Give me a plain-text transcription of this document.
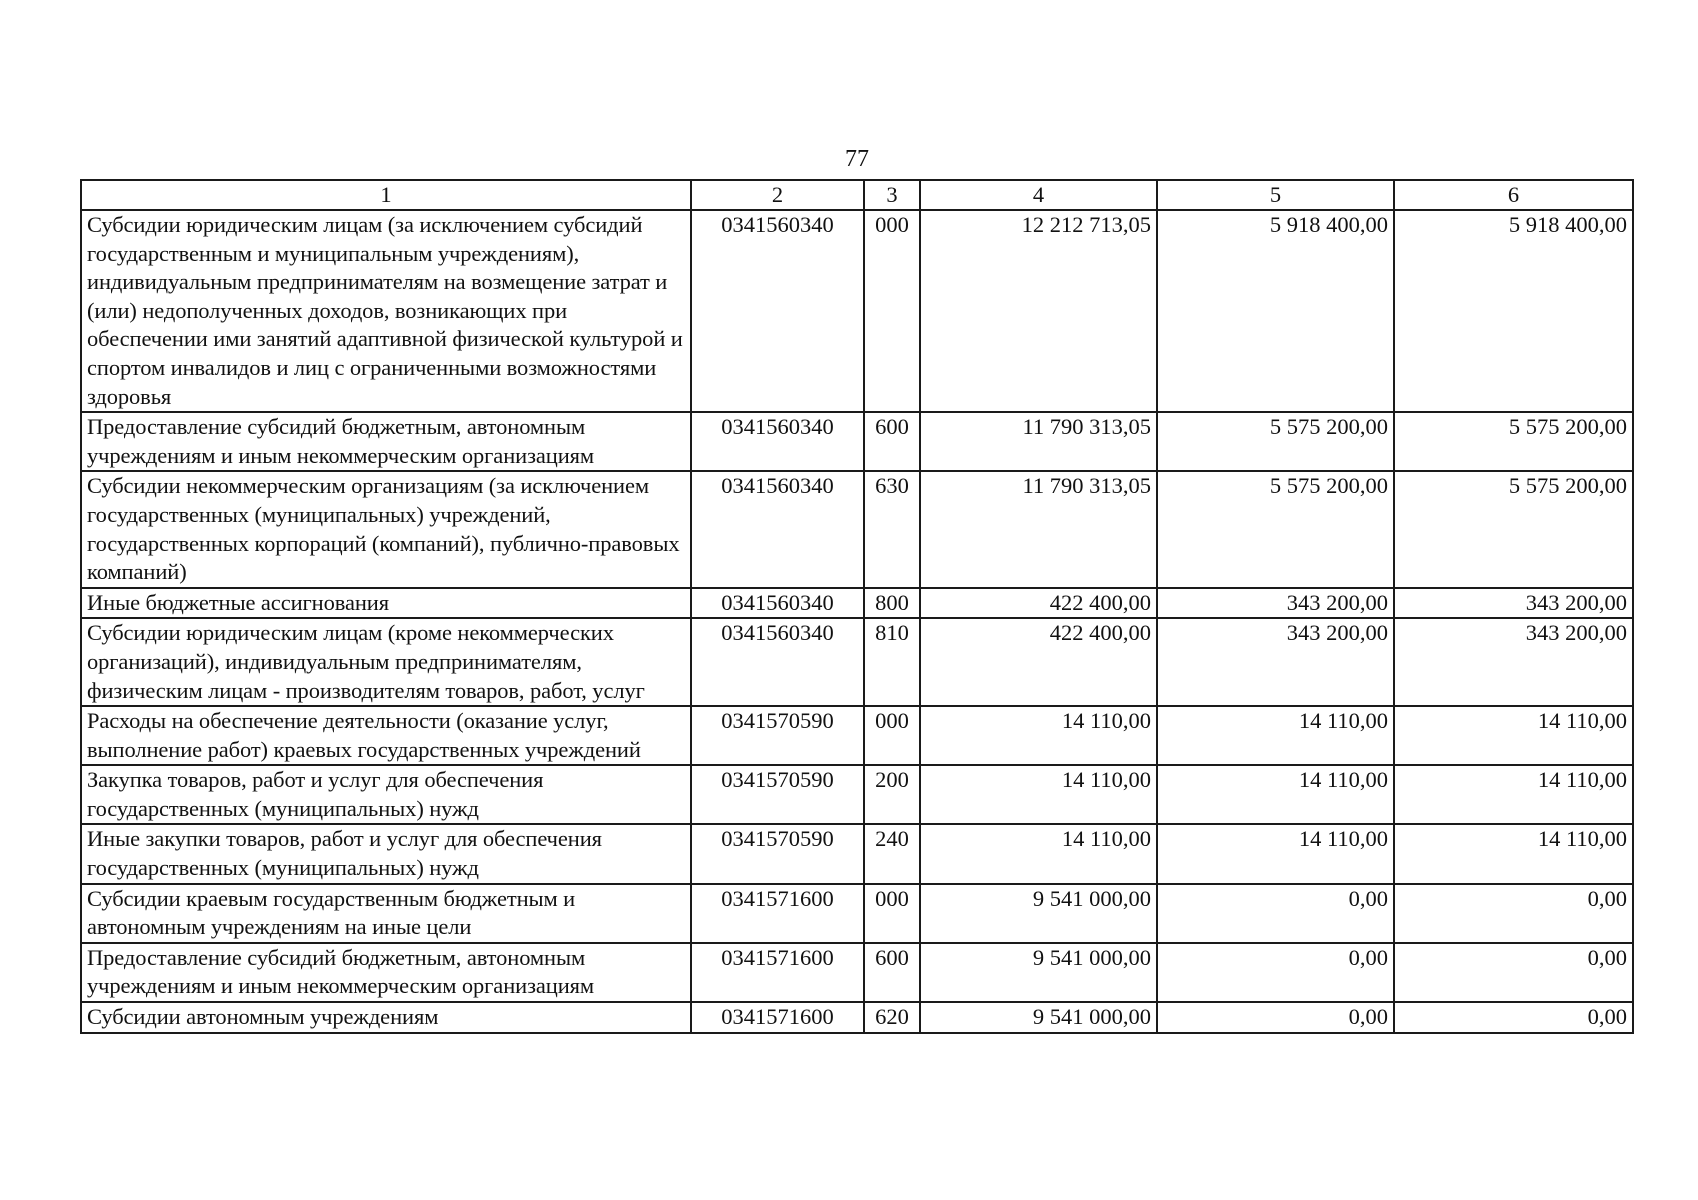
77
1	2	3	4	5	6
Субсидии юридическим лицам (за исключением субсидий государственным и муниципальным учреждениям), индивидуальным предпринимателям на возмещение затрат и (или) недополученных доходов, возникающих при обеспечении ими занятий адаптивной физической культурой и спортом инвалидов и лиц с ограниченными возможностями здоровья	0341560340	000	12 212 713,05	5 918 400,00	5 918 400,00
Предоставление субсидий бюджетным, автономным учреждениям и иным некоммерческим организациям	0341560340	600	11 790 313,05	5 575 200,00	5 575 200,00
Субсидии некоммерческим организациям (за исключением государственных (муниципальных) учреждений, государственных корпораций (компаний), публично-правовых компаний)	0341560340	630	11 790 313,05	5 575 200,00	5 575 200,00
Иные бюджетные ассигнования	0341560340	800	422 400,00	343 200,00	343 200,00
Субсидии юридическим лицам (кроме некоммерческих организаций), индивидуальным предпринимателям, физическим лицам - производителям товаров, работ, услуг	0341560340	810	422 400,00	343 200,00	343 200,00
Расходы на обеспечение деятельности (оказание услуг, выполнение работ) краевых государственных учреждений	0341570590	000	14 110,00	14 110,00	14 110,00
Закупка товаров, работ и услуг для обеспечения государственных (муниципальных) нужд	0341570590	200	14 110,00	14 110,00	14 110,00
Иные закупки товаров, работ и услуг для обеспечения государственных (муниципальных) нужд	0341570590	240	14 110,00	14 110,00	14 110,00
Субсидии краевым государственным бюджетным и автономным учреждениям на иные цели	0341571600	000	9 541 000,00	0,00	0,00
Предоставление субсидий бюджетным, автономным учреждениям и иным некоммерческим организациям	0341571600	600	9 541 000,00	0,00	0,00
Субсидии автономным учреждениям	0341571600	620	9 541 000,00	0,00	0,00
